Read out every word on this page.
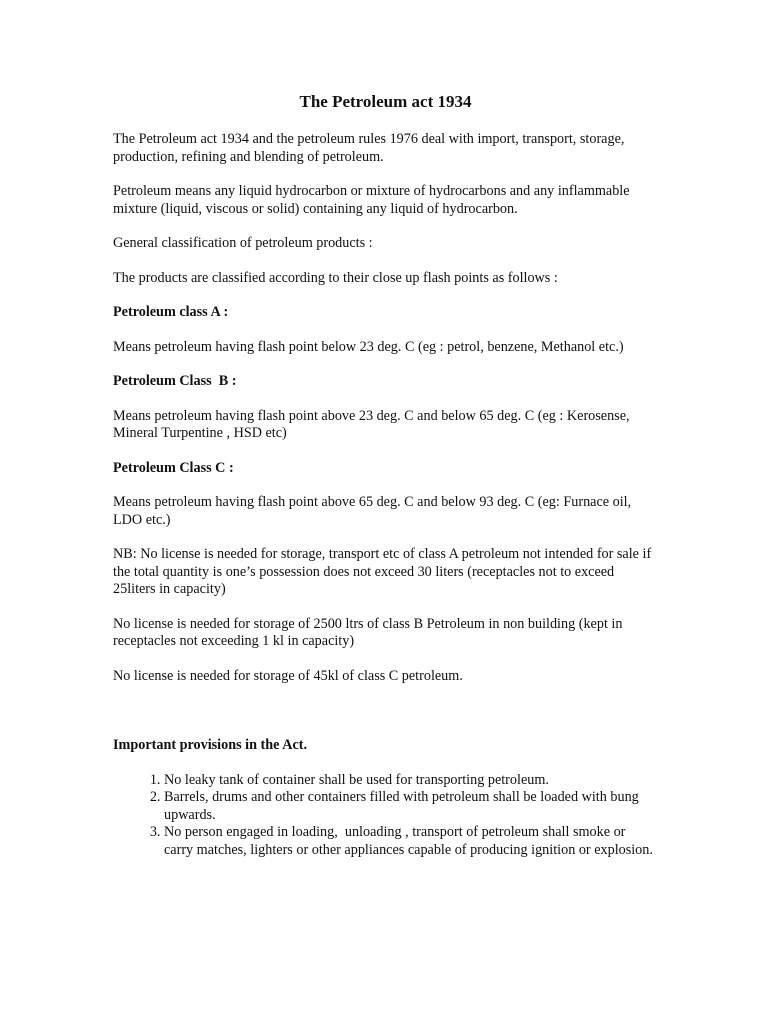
The Petroleum act 1934

The Petroleum act 1934 and the petroleum rules 1976 deal with import, transport, storage, production, refining and blending of petroleum.

Petroleum means any liquid hydrocarbon or mixture of hydrocarbons and any inflammable mixture (liquid, viscous or solid) containing any liquid of hydrocarbon.

General classification of petroleum products :

The products are classified according to their close up flash points as follows :

Petroleum class A :

Means petroleum having flash point below 23 deg. C (eg : petrol, benzene, Methanol etc.)

Petroleum Class  B :

Means petroleum having flash point above 23 deg. C and below 65 deg. C (eg : Kerosense, Mineral Turpentine , HSD etc)

Petroleum Class C :

Means petroleum having flash point above 65 deg. C and below 93 deg. C (eg: Furnace oil, LDO etc.)

NB: No license is needed for storage, transport etc of class A petroleum not intended for sale if the total quantity is one’s possession does not exceed 30 liters (receptacles not to exceed 25liters in capacity)

No license is needed for storage of 2500 ltrs of class B Petroleum in non building (kept in receptacles not exceeding 1 kl in capacity)

No license is needed for storage of 45kl of class C petroleum.

Important provisions in the Act.
1. No leaky tank of container shall be used for transporting petroleum.
2. Barrels, drums and other containers filled with petroleum shall be loaded with bung upwards.
3. No person engaged in loading,  unloading , transport of petroleum shall smoke or carry matches, lighters or other appliances capable of producing ignition or explosion.
